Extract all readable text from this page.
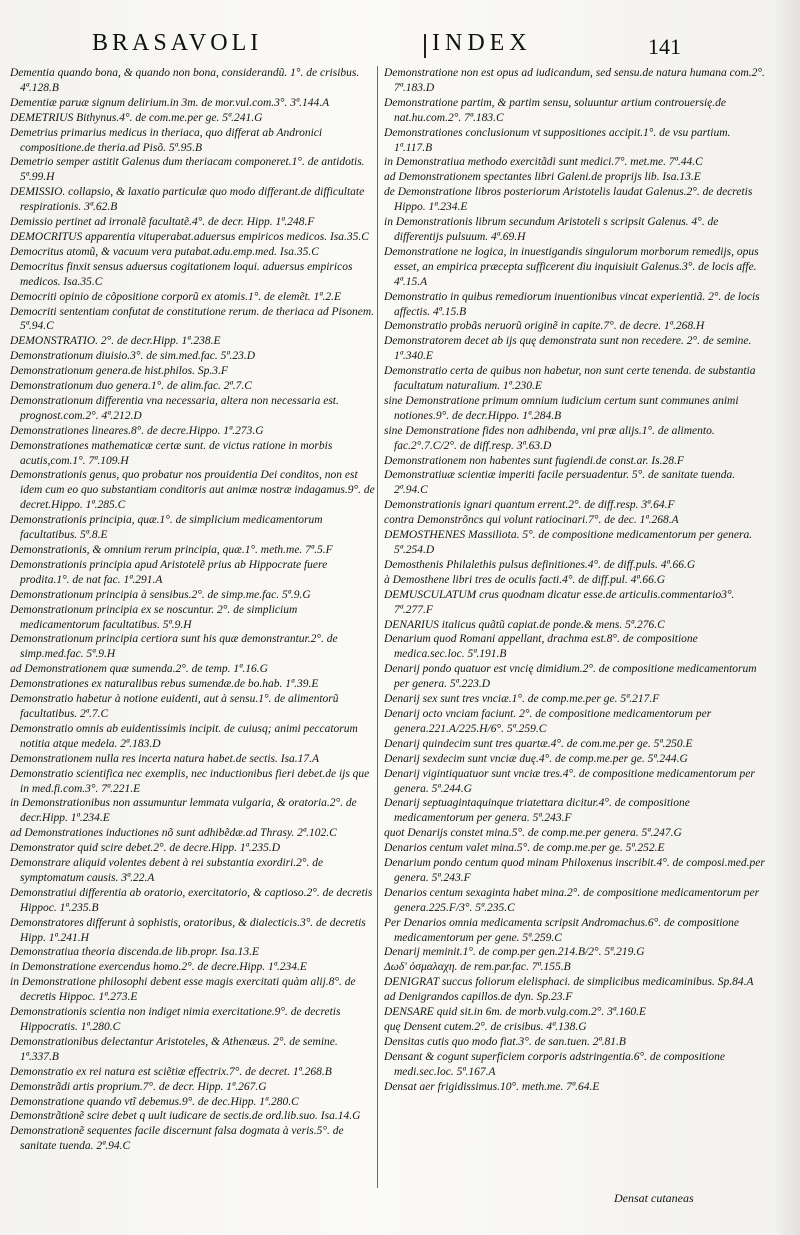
BRASAVOLI	INDEX	141

Dementia quando bona, & quando non bona, considerandũ. 1°. de crisibus. 4ª.128.B

Dementiæ paruæ signum delirium.in 3m. de mor.vul.com.3°. 3ª.144.A

DEMETRIUS Bithynus.4°. de com.me.per ge. 5ª.241.G

Demetrius primarius medicus in theriaca, quo differat ab Andronici compositione.de theria.ad Pisõ. 5ª.95.B

Demetrio semper astitit Galenus dum theriacam componeret.1°. de antidotis. 5ª.99.H

DEMISSIO. collapsio, & laxatio particulæ quo modo differant.de difficultate respirationis. 3ª.62.B

Demissio pertinet ad irronalẽ facultatẽ.4°. de decr. Hipp. 1ª.248.F

DEMOCRITUS apparentia vituperabat.aduersus empiricos medicos. Isa.35.C

Democritus atomũ, & vacuum vera putabat.adu.emp.med. Isa.35.C

Democritus finxit sensus aduersus cogitationem loqui. aduersus empiricos medicos. Isa.35.C

Democriti opinio de cõpositione corporũ ex atomis.1°. de elemẽt. 1ª.2.E

Democriti sententiam confutat de constitutione rerum. de theriaca ad Pisonem. 5ª.94.C

DEMONSTRATIO. 2°. de decr.Hipp. 1ª.238.E

Demonstrationum diuisio.3°. de sim.med.fac. 5ª.23.D

Demonstrationum genera.de hist.philos. Sp.3.F

Demonstrationum duo genera.1°. de alim.fac. 2ª.7.C

Demonstrationum differentia vna necessaria, altera non necessaria est. prognost.com.2°. 4ª.212.D

Demonstrationes lineares.8°. de decre.Hippo. 1ª.273.G

Demonstrationes mathematicæ certæ sunt. de victus ratione in morbis acutis,com.1°. 7ª.109.H

Demonstrationis genus, quo probatur nos prouidentia Dei conditos, non est idem cum eo quo substantiam conditoris aut animæ nostræ indagamus.9°. de decret.Hippo. 1ª.285.C

Demonstrationis principia, quæ.1°. de simplicium medicamentorum facultatibus. 5ª.8.E

Demonstrationis, & omnium rerum principia, quæ.1°. meth.me. 7ª.5.F

Demonstrationis principia apud Aristotelẽ prius ab Hippocrate fuere prodita.1°. de nat fac. 1ª.291.A

Demonstrationum principia à sensibus.2°. de simp.me.fac. 5ª.9.G

Demonstrationum principia ex se noscuntur. 2°. de simplicium medicamentorum facultatibus. 5ª.9.H

Demonstrationum principia certiora sunt his quæ demonstrantur.2°. de simp.med.fac. 5ª.9.H

ad Demonstrationem quæ sumenda.2°. de temp. 1ª.16.G

Demonstrationes ex naturalibus rebus sumendæ.de bo.hab. 1ª.39.E

Demonstratio habetur à notione euidenti, aut à sensu.1°. de alimentorũ facultatibus. 2ª.7.C

Demonstratio omnis ab euidentissimis incipit. de cuiusq; animi peccatorum notitia atque medela. 2ª.183.D

Demonstrationem nulla res incerta natura habet.de sectis. Isa.17.A

Demonstratio scientifica nec exemplis, nec inductionibus fieri debet.de ijs que in med.fi.com.3°. 7ª.221.E

in Demonstrationibus non assumuntur lemmata vulgaria, & oratoria.2°. de decr.Hipp. 1ª.234.E

ad Demonstrationes inductiones nõ sunt adhibẽdæ.ad Thrasy. 2ª.102.C

Demonstrator quid scire debet.2°. de decre.Hipp. 1ª.235.D

Demonstrare aliquid volentes debent à rei substantia exordiri.2°. de symptomatum causis. 3ª.22.A

Demonstratiui differentia ab oratorio, exercitatorio, & captioso.2°. de decretis Hippoc. 1ª.235.B

Demonstratores differunt à sophistis, oratoribus, & dialecticis.3°. de decretis Hipp. 1ª.241.H

Demonstratiua theoria discenda.de lib.propr. Isa.13.E

in Demonstratione exercendus homo.2°. de decre.Hipp. 1ª.234.E

in Demonstratione philosophi debent esse magis exercitati quàm alij.8°. de decretis Hippoc. 1ª.273.E

Demonstrationis scientia non indiget nimia exercitatione.9°. de decretis Hippocratis. 1ª.280.C

Demonstrationibus delectantur Aristoteles, & Athenæus. 2°. de semine. 1ª.337.B

Demonstratio ex rei natura est sciẽtiæ effectrix.7°. de decret. 1ª.268.B

Demonstrãdi artis proprium.7°. de decr. Hipp. 1ª.267.G

Demonstratione quando vtĩ debemus.9°. de dec.Hipp. 1ª.280.C

Demonstrãtionẽ scire debet q uult iudicare de sectis.de ord.lib.suo. Isa.14.G

Demonstrationẽ sequentes facile discernunt falsa dogmata à veris.5°. de sanitate tuenda. 2ª.94.C

Demonstratione non est opus ad iudicandum, sed sensu.de natura humana com.2°. 7ª.183.D

Demonstratione partim, & partim sensu, soluuntur artium controuersię.de nat.hu.com.2°. 7ª.183.C

Demonstrationes conclusionum vt suppositiones accipit.1°. de vsu partium. 1ª.117.B

in Demonstratiua methodo exercitãdi sunt medici.7°. met.me. 7ª.44.C

ad Demonstrationem spectantes libri Galeni.de proprijs lib. Isa.13.E

de Demonstratione libros posteriorum Aristotelis laudat Galenus.2°. de decretis Hippo. 1ª.234.E

in Demonstrationis librum secundum Aristoteli s scripsit Galenus. 4°. de differentijs pulsuum. 4ª.69.H

Demonstratione ne logica, in inuestigandis singulorum morborum remedijs, opus esset, an empirica præcepta sufficerent diu inquisiuit Galenus.3°. de locis affe. 4ª.15.A

Demonstratio in quibus remediorum inuentionibus vincat experientiã. 2°. de locis affectis. 4ª.15.B

Demonstratio probãs neruorũ originẽ in capite.7°. de decre. 1ª.268.H

Demonstratorem decet ab ijs quę demonstrata sunt non recedere. 2°. de semine. 1ª.340.E

Demonstratio certa de quibus non habetur, non sunt certe tenenda. de substantia facultatum naturalium. 1ª.230.E

sine Demonstratione primum omnium iudicium certum sunt communes animi notiones.9°. de decr.Hippo. 1ª.284.B

sine Demonstratione fides non adhibenda, vni præ alijs.1°. de alimento. fac.2°.7.C/2°. de diff.resp. 3ª.63.D

Demonstrationem non habentes sunt fugiendi.de const.ar. Is.28.F

Demonstratiuæ scientiæ imperiti facile persuadentur. 5°. de sanitate tuenda. 2ª.94.C

Demonstrationis ignari quantum errent.2°. de diff.resp. 3ª.64.F

contra Demonstrõncs qui volunt ratiocinari.7°. de dec. 1ª.268.A

DEMOSTHENES Massiliota. 5°. de compositione medicamentorum per genera. 5ª.254.D

Demosthenis Philalethis pulsus definitiones.4°. de diff.puls. 4ª.66.G

à Demosthene libri tres de oculis facti.4°. de diff.pul. 4ª.66.G

DEMUSCULATUM crus quodnam dicatur esse.de articulis.commentario3°. 7ª.277.F

DENARIUS italicus quãtũ capiat.de ponde.& mens. 5ª.276.C

Denarium quod Romani appellant, drachma est.8°. de compositione medica.sec.loc. 5ª.191.B

Denarij pondo quatuor est vncię dimidium.2°. de compositione medicamentorum per genera. 5ª.223.D

Denarij sex sunt tres vnciæ.1°. de comp.me.per ge. 5ª.217.F

Denarij octo vnciam faciunt. 2°. de compositione medicamentorum per genera.221.A/225.H/6°. 5ª.259.C

Denarij quindecim sunt tres quartæ.4°. de com.me.per ge. 5ª.250.E

Denarij sexdecim sunt vnciæ duę.4°. de comp.me.per ge. 5ª.244.G

Denarij vigintiquatuor sunt vnciæ tres.4°. de compositione medicamentorum per genera. 5ª.244.G

Denarij septuagintaquinque triatettara dicitur.4°. de compositione medicamentorum per genera. 5ª.243.F

quot Denarijs constet mina.5°. de comp.me.per genera. 5ª.247.G

Denarios centum valet mina.5°. de comp.me.per ge. 5ª.252.E

Denarium pondo centum quod minam Philoxenus inscribit.4°. de composi.med.per genera. 5ª.243.F

Denarios centum sexaginta habet mina.2°. de compositione medicamentorum per genera.225.F/3°. 5ª.235.C

Per Denarios omnia medicamenta scripsit Andromachus.6°. de compositione medicamentorum per gene. 5ª.259.C

Denarij meminit.1°. de comp.per gen.214.B/2°. 5ª.219.G

Δωδ' ὀσμαλαχη. de rem.par.fac. 7ª.155.B

DENIGRAT succus foliorum elelisphaci. de simplicibus medicaminibus. Sp.84.A

ad Denigrandos capillos.de dyn. Sp.23.F

DENSARE quid sit.in 6m. de morb.vulg.com.2°. 3ª.160.E

quę Densent cutem.2°. de crisibus. 4ª.138.G

Densitas cutis quo modo fiat.3°. de san.tuen. 2ª.81.B

Densant & cogunt superficiem corporis adstringentia.6°. de compositione medi.sec.loc. 5ª.167.A

Densat aer frigidissimus.10°. meth.me. 7ª.64.E

Densat cutaneas
